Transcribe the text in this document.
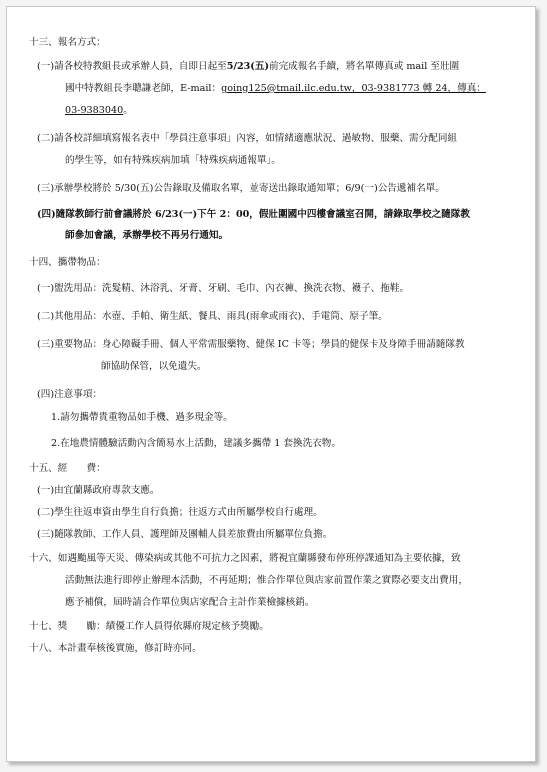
十三、報名方式：
(一)請各校特教組長或承辦人員，自即日起至5/23(五)前完成報名手續，將名單傳真或 mail 至壯圍
國中特教組長李聰謙老師，E-mail：going125@tmail.ilc.edu.tw，03-9381773 轉 24，傳真：
03-9383040。
(二)請各校詳細填寫報名表中「學員注意事項」內容，如情緒適應狀況、過敏物、服藥、需分配同組
的學生等，如有特殊疾病加填「特殊疾病通報單」。
(三)承辦學校將於 5/30(五)公告錄取及備取名單，並寄送出錄取通知單；6/9(一)公告遞補名單。
(四)隨隊教師行前會議將於 6/23(一)下午 2：00，假壯圍國中四樓會議室召開，請錄取學校之隨隊教
師參加會議，承辦學校不再另行通知。
十四、攜帶物品：
(一)盥洗用品：洗髮精、沐浴乳、牙膏、牙刷、毛巾、內衣褲、換洗衣物、襪子、拖鞋。
(二)其他用品：水壺、手帕、衛生紙、餐具、雨具(雨傘或雨衣)、手電筒、原子筆。
(三)重要物品：身心障礙手冊、個人平常需服藥物、健保 IC 卡等；學員的健保卡及身障手冊請隨隊教
師協助保管，以免遺失。
(四)注意事項：
1.請勿攜帶貴重物品如手機、過多現金等。
2.在地農情體驗活動內含簡易水上活動，建議多攜帶 1 套換洗衣物。
十五、經　　費：
(一)由宜蘭縣政府專款支應。
(二)學生往返車資由學生自行負擔；往返方式由所屬學校自行處理。
(三)隨隊教師、工作人員、護理師及團輔人員差旅費由所屬單位負擔。
十六、如遇颱風等天災、傳染病或其他不可抗力之因素，將視宜蘭縣發布停班停課通知為主要依據，致
活動無法進行即停止辦理本活動，不再延期；惟合作單位與店家前置作業之實際必要支出費用，
應予補償，屆時請合作單位與店家配合主計作業檢據核銷。
十七、獎　　勵：績優工作人員得依縣府規定核予獎勵。
十八、本計畫奉核後實施，修訂時亦同。
